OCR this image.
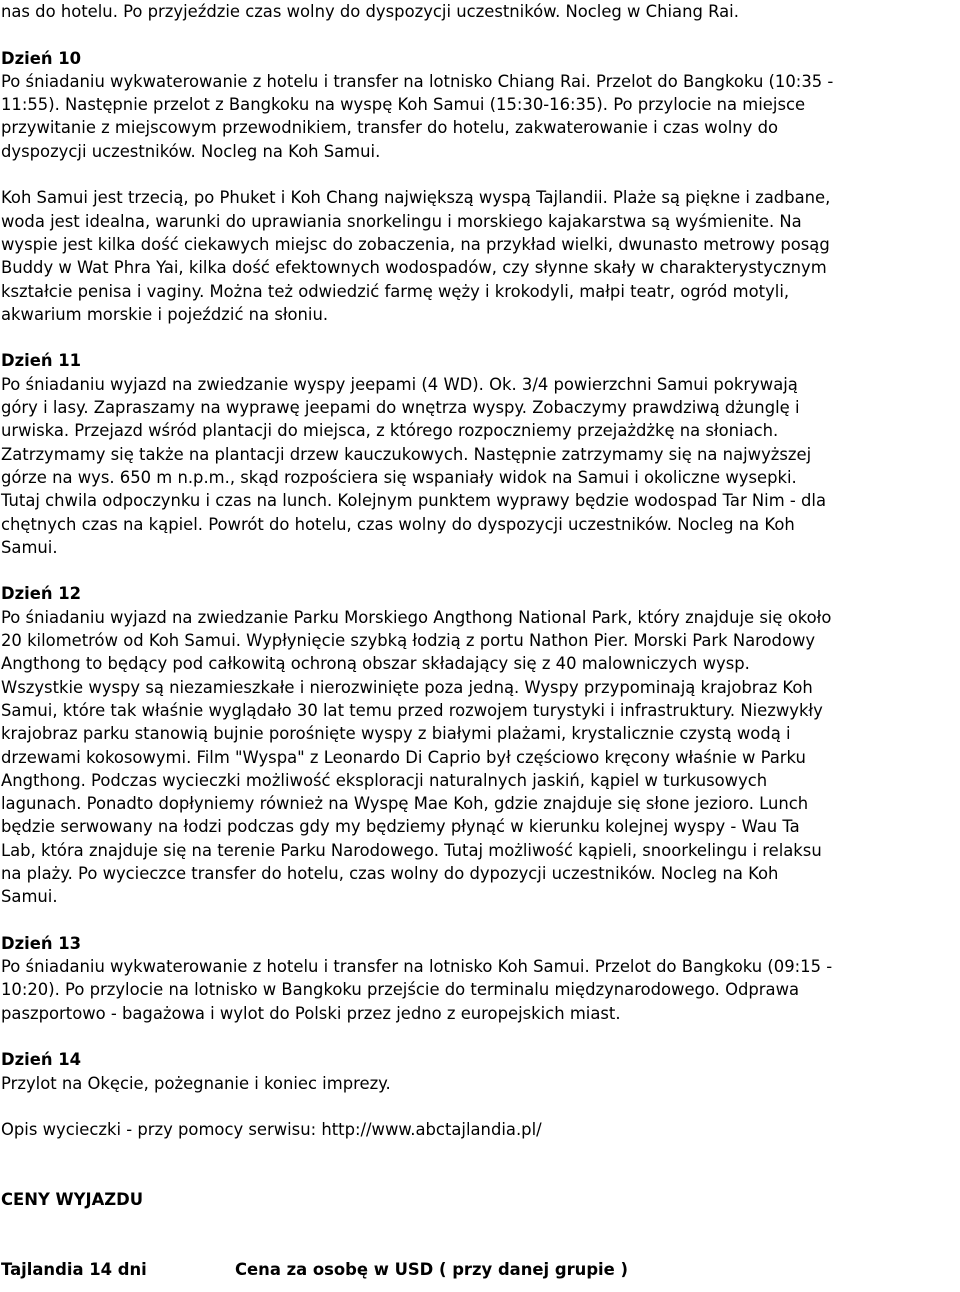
nas do hotelu. Po przyjeździe czas wolny do dyspozycji uczestników. Nocleg w Chiang Rai.

Dzień 10

Po śniadaniu wykwaterowanie z hotelu i transfer na lotnisko Chiang Rai. Przelot do Bangkoku (10:35 -
11:55). Następnie przelot z Bangkoku na wyspę Koh Samui (15:30-16:35). Po przylocie na miejsce
przywitanie z miejscowym przewodnikiem, transfer do hotelu, zakwaterowanie i czas wolny do
dyspozycji uczestników. Nocleg na Koh Samui.

Koh Samui jest trzecią, po Phuket i Koh Chang największą wyspą Tajlandii. Plaże są piękne i zadbane,
woda jest idealna, warunki do uprawiania snorkelingu i morskiego kajakarstwa są wyśmienite. Na
wyspie jest kilka dość ciekawych miejsc do zobaczenia, na przykład wielki, dwunasto metrowy posąg
Buddy w Wat Phra Yai, kilka dość efektownych wodospadów, czy słynne skały w charakterystycznym
kształcie penisa i vaginy. Można też odwiedzić farmę węży i krokodyli, małpi teatr, ogród motyli,
akwarium morskie i pojeździć na słoniu.

Dzień 11

Po śniadaniu wyjazd na zwiedzanie wyspy jeepami (4 WD). Ok. 3/4 powierzchni Samui pokrywają
góry i lasy. Zapraszamy na wyprawę jeepami do wnętrza wyspy. Zobaczymy prawdziwą dżunglę i
urwiska. Przejazd wśród plantacji do miejsca, z którego rozpoczniemy przejażdżkę na słoniach.
Zatrzymamy się także na plantacji drzew kauczukowych. Następnie zatrzymamy się na najwyższej
górze na wys. 650 m n.p.m., skąd rozpościera się wspaniały widok na Samui i okoliczne wysepki.
Tutaj chwila odpoczynku i czas na lunch. Kolejnym punktem wyprawy będzie wodospad Tar Nim - dla
chętnych czas na kąpiel. Powrót do hotelu, czas wolny do dyspozycji uczestników. Nocleg na Koh
Samui.

Dzień 12

Po śniadaniu wyjazd na zwiedzanie Parku Morskiego Angthong National Park, który znajduje się około
20 kilometrów od Koh Samui. Wypłynięcie szybką łodzią z portu Nathon Pier. Morski Park Narodowy
Angthong to będący pod całkowitą ochroną obszar składający się z 40 malowniczych wysp.
Wszystkie wyspy są niezamieszkałe i nierozwinięte poza jedną. Wyspy przypominają krajobraz Koh
Samui, które tak właśnie wyglądało 30 lat temu przed rozwojem turystyki i infrastruktury. Niezwykły
krajobraz parku stanowią bujnie porośnięte wyspy z białymi plażami, krystalicznie czystą wodą i
drzewami kokosowymi. Film "Wyspa" z Leonardo Di Caprio był częściowo kręcony właśnie w Parku
Angthong. Podczas wycieczki możliwość eksploracji naturalnych jaskiń, kąpiel w turkusowych
lagunach. Ponadto dopłyniemy również na Wyspę Mae Koh, gdzie znajduje się słone jezioro. Lunch
będzie serwowany na łodzi podczas gdy my będziemy płynąć w kierunku kolejnej wyspy - Wau Ta
Lab, która znajduje się na terenie Parku Narodowego. Tutaj możliwość kąpieli, snoorkelingu i relaksu
na plaży. Po wycieczce transfer do hotelu, czas wolny do dypozycji uczestników. Nocleg na Koh
Samui.

Dzień 13

Po śniadaniu wykwaterowanie z hotelu i transfer na lotnisko Koh Samui. Przelot do Bangkoku (09:15 -
10:20). Po przylocie na lotnisko w Bangkoku przejście do terminalu międzynarodowego. Odprawa
paszportowo - bagażowa i wylot do Polski przez jedno z europejskich miast.

Dzień 14

Przylot na Okęcie, pożegnanie i koniec imprezy.

Opis wycieczki - przy pomocy serwisu: http://www.abctajlandia.pl/

CENY WYJAZDU

Tajlandia 14 dni	Cena za osobę w USD ( przy danej grupie )
